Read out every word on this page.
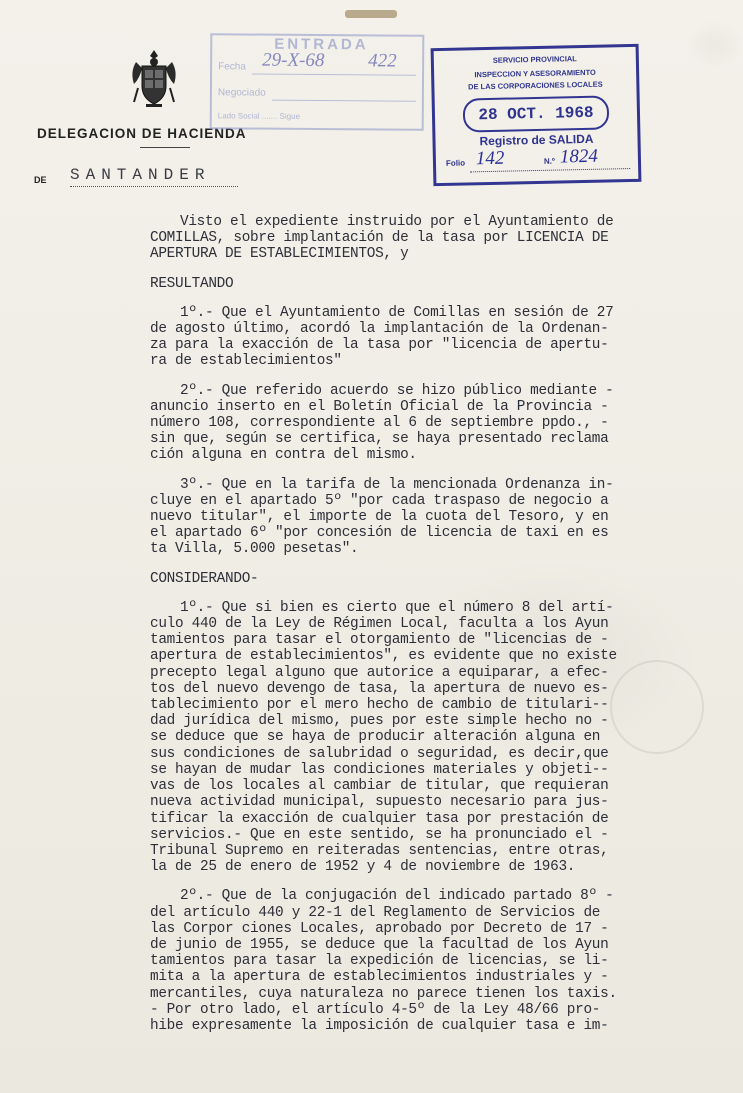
DELEGACION DE HACIENDA

DE SANTANDER
ENTRADA
Fecha
Negociado
Lado Social ....... Sigue
29-X-68 422	SERVICIO PROVINCIAL
INSPECCION Y ASESORAMIENTO
DE LAS CORPORACIONES LOCALES
28 OCT. 1968
Registro de SALIDA
Folio 142	N.º 1824

Visto el expediente instruido por el Ayuntamiento de

COMILLAS, sobre implantación de la tasa por LICENCIA DE

APERTURA DE ESTABLECIMIENTOS, y

RESULTANDO

1º.- Que el Ayuntamiento de Comillas en sesión de 27

de agosto último, acordó la implantación de la Ordenan-

za para la exacción de la tasa por "licencia de apertu-

ra de establecimientos"

2º.- Que referido acuerdo se hizo público mediante -

anuncio inserto en el Boletín Oficial de la Provincia -

número 108, correspondiente al 6 de septiembre ppdo., -

sin que, según se certifica, se haya presentado reclama

ción alguna en contra del mismo.

3º.- Que en la tarifa de la mencionada Ordenanza in-

cluye en el apartado 5º "por cada traspaso de negocio a

nuevo titular", el importe de la cuota del Tesoro, y en

el apartado 6º "por concesión de licencia de taxi en es

ta Villa, 5.000 pesetas".

CONSIDERANDO-

1º.- Que si bien es cierto que el número 8 del artí-

culo 440 de la Ley de Régimen Local, faculta a los Ayun

tamientos para tasar el otorgamiento de "licencias de -

apertura de establecimientos", es evidente que no existe

precepto legal alguno que autorice a equiparar, a efec-

tos del nuevo devengo de tasa, la apertura de nuevo es-

tablecimiento por el mero hecho de cambio de titulari--

dad jurídica del mismo, pues por este simple hecho no -

se deduce que se haya de producir alteración alguna en

sus condiciones de salubridad o seguridad, es decir,que

se hayan de mudar las condiciones materiales y objeti--

vas de los locales al cambiar de titular, que requieran

nueva actividad municipal, supuesto necesario para jus-

tificar la exacción de cualquier tasa por prestación de

servicios.- Que en este sentido, se ha pronunciado el -

Tribunal Supremo en reiteradas sentencias, entre otras,

la de 25 de enero de 1952 y 4 de noviembre de 1963.

2º.- Que de la conjugación del indicado partado 8º -

del artículo 440 y 22-1 del Reglamento de Servicios de

las Corpor ciones Locales, aprobado por Decreto de 17 -

de junio de 1955, se deduce que la facultad de los Ayun

tamientos para tasar la expedición de licencias, se li-

mita a la apertura de establecimientos industriales y -

mercantiles, cuya naturaleza no parece tienen los taxis.

- Por otro lado, el artículo 4-5º de la Ley 48/66 pro-

hibe expresamente la imposición de cualquier tasa e im-
